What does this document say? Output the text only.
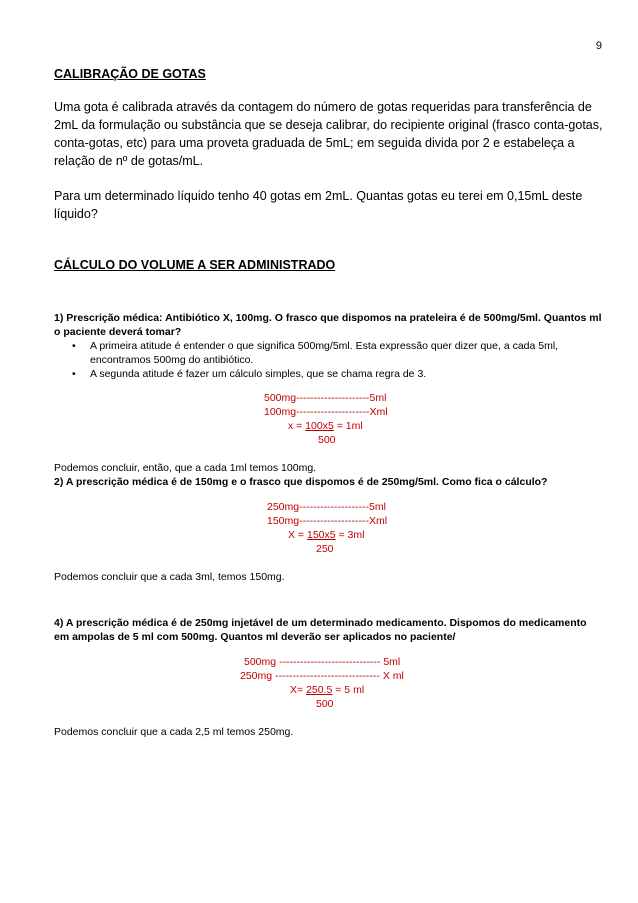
9

CALIBRAÇÃO DE GOTAS

Uma gota é calibrada através da contagem do número de gotas requeridas para transferência de 2mL da formulação ou substância que se deseja calibrar, do recipiente original (frasco conta-gotas, conta-gotas, etc) para uma proveta graduada de 5mL; em seguida divida por 2 e estabeleça a relação de nº de gotas/mL.

Para um determinado líquido tenho 40 gotas em 2mL. Quantas gotas eu terei em 0,15mL deste líquido?

CÁLCULO DO VOLUME A SER ADMINISTRADO

1) Prescrição médica: Antibiótico X, 100mg. O frasco que dispomos na prateleira é de 500mg/5ml. Quantos ml o paciente deverá tomar?

• A primeira atitude é entender o que significa 500mg/5ml. Esta expressão quer dizer que, a cada 5ml, encontramos 500mg do antibiótico.
• A segunda atitude é fazer um cálculo simples, que se chama regra de 3.
500mg---------------------5ml
100mg---------------------Xml
x = 100x5 = 1ml
500

Podemos concluir, então, que a cada 1ml temos 100mg.

2) A prescrição médica é de 150mg e o frasco que dispomos é de 250mg/5ml. Como fica o cálculo?

250mg--------------------5ml
150mg--------------------Xml
X = 150x5 = 3ml
250

Podemos concluir que a cada 3ml, temos 150mg.

4) A prescrição médica é de 250mg injetável de um determinado medicamento. Dispomos do medicamento em ampolas de 5 ml com 500mg. Quantos ml deverão ser aplicados no paciente/

500mg ----------------------------- 5ml
250mg ------------------------------ X ml
X= 250.5 = 5 ml
500

Podemos concluir que a cada 2,5 ml temos 250mg.
